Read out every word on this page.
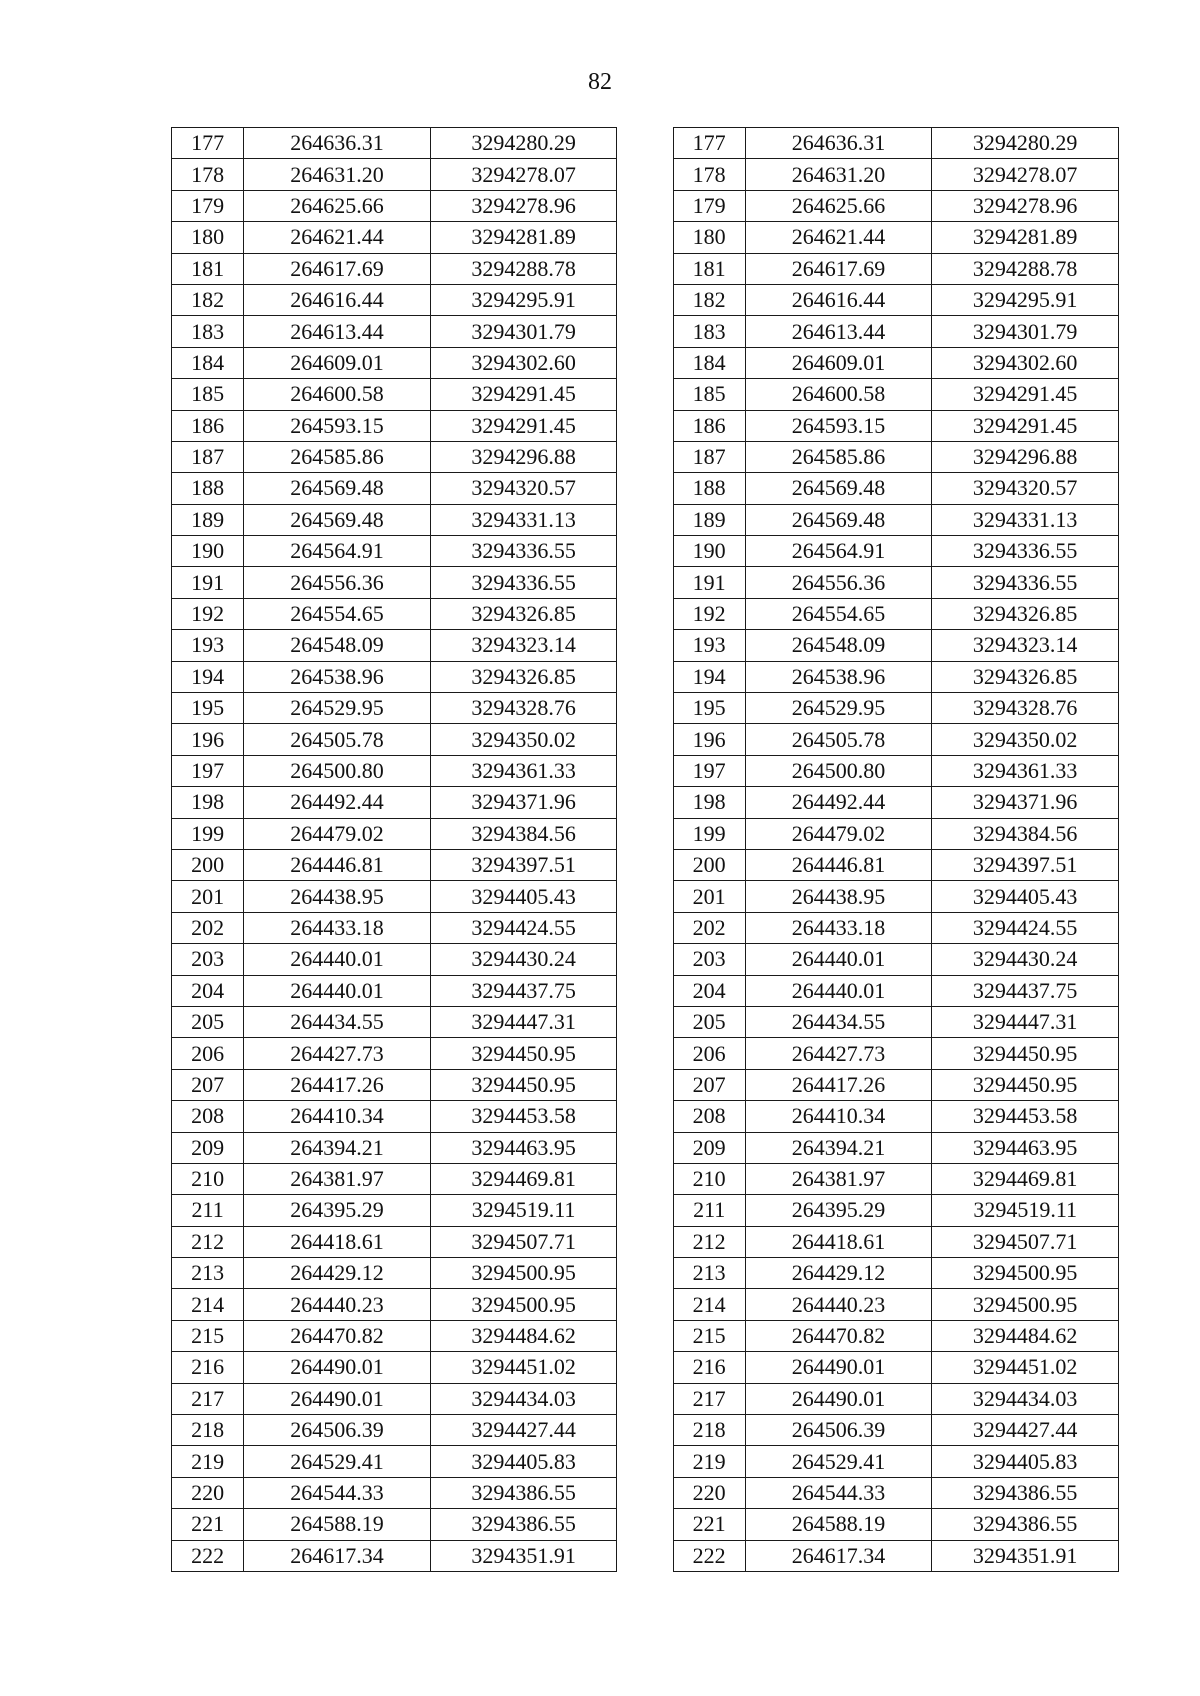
82
177	264636.31	3294280.29		177	264636.31	3294280.29
178	264631.20	3294278.07		178	264631.20	3294278.07
179	264625.66	3294278.96		179	264625.66	3294278.96
180	264621.44	3294281.89		180	264621.44	3294281.89
181	264617.69	3294288.78		181	264617.69	3294288.78
182	264616.44	3294295.91		182	264616.44	3294295.91
183	264613.44	3294301.79		183	264613.44	3294301.79
184	264609.01	3294302.60		184	264609.01	3294302.60
185	264600.58	3294291.45		185	264600.58	3294291.45
186	264593.15	3294291.45		186	264593.15	3294291.45
187	264585.86	3294296.88		187	264585.86	3294296.88
188	264569.48	3294320.57		188	264569.48	3294320.57
189	264569.48	3294331.13		189	264569.48	3294331.13
190	264564.91	3294336.55		190	264564.91	3294336.55
191	264556.36	3294336.55		191	264556.36	3294336.55
192	264554.65	3294326.85		192	264554.65	3294326.85
193	264548.09	3294323.14		193	264548.09	3294323.14
194	264538.96	3294326.85		194	264538.96	3294326.85
195	264529.95	3294328.76		195	264529.95	3294328.76
196	264505.78	3294350.02		196	264505.78	3294350.02
197	264500.80	3294361.33		197	264500.80	3294361.33
198	264492.44	3294371.96		198	264492.44	3294371.96
199	264479.02	3294384.56		199	264479.02	3294384.56
200	264446.81	3294397.51		200	264446.81	3294397.51
201	264438.95	3294405.43		201	264438.95	3294405.43
202	264433.18	3294424.55		202	264433.18	3294424.55
203	264440.01	3294430.24		203	264440.01	3294430.24
204	264440.01	3294437.75		204	264440.01	3294437.75
205	264434.55	3294447.31		205	264434.55	3294447.31
206	264427.73	3294450.95		206	264427.73	3294450.95
207	264417.26	3294450.95		207	264417.26	3294450.95
208	264410.34	3294453.58		208	264410.34	3294453.58
209	264394.21	3294463.95		209	264394.21	3294463.95
210	264381.97	3294469.81		210	264381.97	3294469.81
211	264395.29	3294519.11		211	264395.29	3294519.11
212	264418.61	3294507.71		212	264418.61	3294507.71
213	264429.12	3294500.95		213	264429.12	3294500.95
214	264440.23	3294500.95		214	264440.23	3294500.95
215	264470.82	3294484.62		215	264470.82	3294484.62
216	264490.01	3294451.02		216	264490.01	3294451.02
217	264490.01	3294434.03		217	264490.01	3294434.03
218	264506.39	3294427.44		218	264506.39	3294427.44
219	264529.41	3294405.83		219	264529.41	3294405.83
220	264544.33	3294386.55		220	264544.33	3294386.55
221	264588.19	3294386.55		221	264588.19	3294386.55
222	264617.34	3294351.91		222	264617.34	3294351.91
